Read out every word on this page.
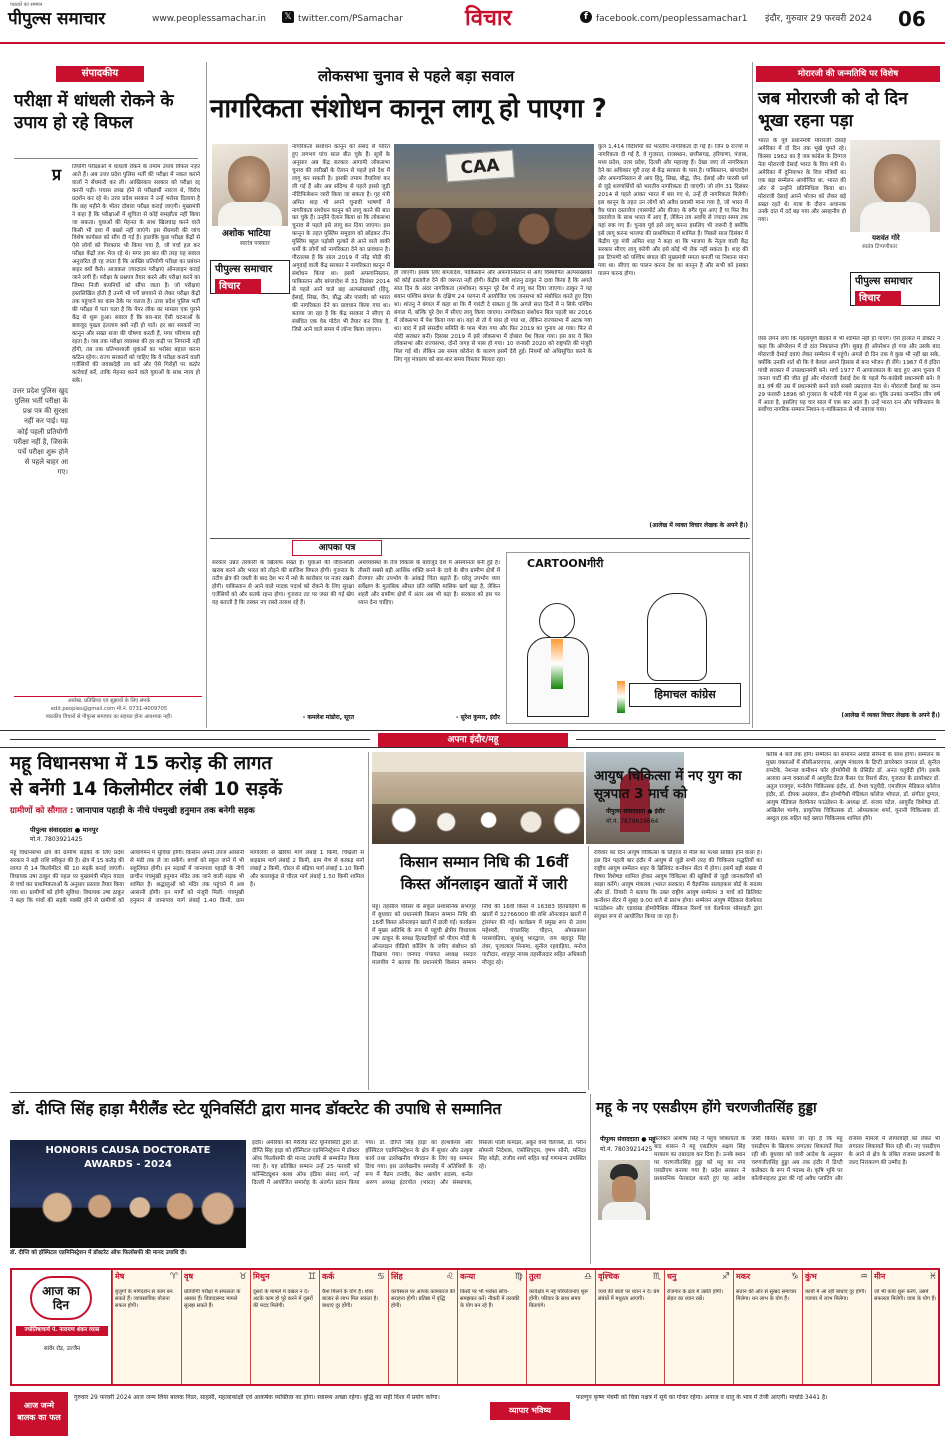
पीपुल्स समाचार
पाठकों का सम्मान
www.peoplessamachar.in 𝕏 twitter.com/PSamachar	विचार	f facebook.com/peoplessamachar1 इंदौर, गुरुवार 29 फरवरी 2024 06
संपादकीय
परीक्षा में धांधली रोकने के उपाय हो रहे विफल
प्र तियोगी परीक्षाओं में धांधली रोकने के तमाम उपाय विफल नज़र आते हैं। अब उत्तर प्रदेश पुलिस भर्ती की परीक्षा में नकल कराने वालों ने सेंधमारी कर ली। आखिरकार सरकार को परीक्षा रद्द करनी पड़ी। पचास लाख होने से परीक्षार्थी नाराज थे, विरोध प्रदर्शन कर रहे थे। उत्तर प्रदेश सरकार ने उन्हें भरोसा दिलाया है कि छह महीने के भीतर दोबारा परीक्षा कराई जाएगी। मुख्यमंत्री ने कहा है कि परीक्षाओं में शुचिता से कोई समझौता नहीं किया जा सकता। युवाओं की मेहनत के साथ खिलवाड़ करने वाले किसी भी दशा में बख्शे नहीं जाएंगे। इस सेंधमारी की जांच विशेष कार्यबल को सौंप दी गई है। हालांकि कुछ परीक्षा केंद्रों से ऐसे लोगों को गिरफ्तार भी किया गया है, जो पर्चा हल कर परीक्षा केंद्रों तक भेज रहे थे। मगर इस बार की तरह यह सवाल अनुत्तरित ही रह जाता है कि आखिर प्रतियोगी परीक्षा का प्रबंधन बाहर क्यों कैसे। आजकल ज्यादातर परीक्षाएं ऑनलाइन कराई जाने लगी हैं। परीक्षा के प्रश्नपत्र तैयार करने और परीक्षा करने का जिम्मा निजी कंपनियों को सौंपा जाता है। जो परीक्षाएं हस्तलिखित होती हैं उनमें भी पर्चे छपवाने से लेकर परीक्षा केंद्रों तक पहुंचाने का काम ठेके पर चलता है। उत्तर प्रदेश पुलिस भर्ती की परीक्षा में पता चला है कि पेपर लीक का मामला एक पुराने केंद्र से शुरू हुआ। सवाल है कि बार-बार ऐसी घटनाओं के बावजूद पुख्ता इंतजाम क्यों नहीं हो पाते। हर बार सरकारें नए कानून और सख्त सजा की घोषणा करती हैं, मगर परिणाम वही रहता है। जब तक परीक्षा व्यवस्था की हर कड़ी पर निगरानी नहीं होगी, तब तक प्रतिभाशाली युवाओं का भरोसा बहाल करना कठिन रहेगा। राज्य सरकारों को चाहिए कि वे परीक्षा कराने वाली एजेंसियों की जवाबदेही तय करें और ऐसे गिरोहों पर कठोर कार्रवाई करें, ताकि मेहनत करने वाले युवाओं के साथ न्याय हो सके।
उत्तर प्रदेश पुलिस खुद पुलिस भर्ती परीक्षा के प्रश्न पत्र की सुरक्षा नहीं कर पाई। यह कोई पहली प्रतियोगी परीक्षा नहीं है, जिसके पर्चे परीक्षा शुरू होने से पहले बाहर आ गए।
आलेख, प्रतिक्रिया एवं सुझावों के लिए संपर्क
edit.peoples@gmail.com मो.नं. 0731-4009705
पाठकीय विचारों से पीपुल्स समाचार का सहमत होना आवश्यक नहीं।
लोकसभा चुनाव से पहले बड़ा सवाल
नागरिकता संशोधन कानून लागू हो पाएगा ?
अशोक भाटिया
स्वतंत्र पत्रकार
पीपुल्स समाचार
विचार
नागरिकता संशोधन कानून को संसद से पारित हुए लगभग पांच साल बीत चुके हैं। सूत्रों के अनुसार अब केंद्र सरकार आगामी लोकसभा चुनाव की तारीखों के ऐलान से पहले इसे देश में लागू कर सकती है। इसकी तमाम तैयारियां कर ली गई हैं और अब संदिग्ध से पहले इससे जुड़ी नोटिफिकेशन जारी किया जा सकता है। गृह मंत्री अमित शाह भी अपने चुनावी भाषणों में नागरिकता संशोधन कानून को लागू करने की बात कर चुके हैं। उन्होंने ऐलान किया था कि लोकसभा चुनाव से पहले इसे लागू कर दिया जाएगा। इस कानून के तहत मुस्लिम समुदाय को छोड़कर तीन मुस्लिम बहुल पड़ोसी मुल्कों से आने वाले बाकी धर्मों के लोगों को नागरिकता देने का प्रावधान है। गौरतलब है कि साल 2019 में नरेंद्र मोदी की अगुवाई वाली केंद्र सरकार ने नागरिकता कानून में संशोधन किया था। इसमें अफगानिस्तान, पाकिस्तान और बांग्लादेश से 31 दिसंबर 2014 से पहले आने वाले छह अल्पसंख्यकों (हिंदू, ईसाई, सिख, जैन, बौद्ध और पारसी) को भारत की नागरिकता देने का प्रावधान किया गया था। बताया जा रहा है कि केंद्र सरकार ने सीएए से संबंधित एक वेब पोर्टल भी तैयार कर लिया है, जिसे आने वाले समय में लॉन्च किया जाएगा।
CAA
ही जाएंगी। इसके लिए बांग्लादेश, पाकिस्तान और अफगानिस्तान से आए विस्थापित अल्पसंख्यकों को कोई दस्तावेज देने की जरूरत नहीं होगी। केंद्रीय मंत्री शांतनु ठाकुर ने दावा किया है कि अगले सात दिन के अंदर नागरिकता (संशोधन) कानून पूरे देश में लागू कर दिया जाएगा। ठाकुर ने यह बयान पश्चिम बंगाल के दक्षिण 24 परगना में आयोजित एक जनसभा को संबोधित करते हुए दिया था। शांतनु ने बंगाल में कहा था कि मैं गारंटी दे सकता हूं कि अगले सात दिनों में न सिर्फ पश्चिम बंगाल में, बल्कि पूरे देश में सीएए लागू किया जाएगा। नागरिकता संशोधन बिल पहली बार 2016 में लोकसभा में पेश किया गया था। यहां से तो ये पास हो गया था, लेकिन राज्यसभा में अटक गया था। बाद में इसे संसदीय समिति के पास भेजा गया और फिर 2019 का चुनाव आ गया। फिर से मोदी सरकार बनी। दिसंबर 2019 में इसे लोकसभा में दोबारा पेश किया गया। इस बार ये बिल लोकसभा और राज्यसभा, दोनों जगह से पास हो गया। 10 जनवरी 2020 को राष्ट्रपति की मंजूरी मिल गई थी। लेकिन उस समय कोरोना के कारण इसमें देरी हुई। नियमों को अधिसूचित करने के लिए गृह मंत्रालय को बार-बार समय विस्तार मिलता रहा।
कुल 1,414 विदेशियों को भारतीय नागरिकता दी गई है। जिन 9 राज्यों में नागरिकता दी गई है, वे गुजरात, राजस्थान, छत्तीसगढ़, हरियाणा, पंजाब, मध्य प्रदेश, उत्तर प्रदेश, दिल्ली और महाराष्ट्र हैं। देखा जाए तो नागरिकता देने का अधिकार पूरी तरह से केंद्र सरकार के पास है। पाकिस्तान, बांग्लादेश और अफगानिस्तान से आए हिंदू, सिख, बौद्ध, जैन, ईसाई और पारसी धर्म से जुड़े शरणार्थियों को भारतीय नागरिकता दी जाएगी। जो लोग 31 दिसंबर 2014 से पहले आकर भारत में बस गए थे, उन्हें ही नागरिकता मिलेगी। इस कानून के तहत उन लोगों को अवैध प्रवासी माना गया है, जो भारत में वैध यात्रा दस्तावेज (पासपोर्ट और वीजा) के बगैर घुस आए हैं या फिर वैध दस्तावेज के साथ भारत में आए हैं, लेकिन तय अवधि से ज्यादा समय तक यहां रुक गए हैं। चुनाव पूर्व इसे लागू करना इसलिए भी जरूरी है क्योंकि इसे लागू करना भाजपा की प्राथमिकता में शामिल है। पिछले साल दिसंबर में केंद्रीय गृह मंत्री अमित शाह ने कहा था कि भाजपा के नेतृत्व वाली केंद्र सरकार सीएए लागू करेगी और इसे कोई भी रोक नहीं सकता है। शाह की इस टिप्पणी को पश्चिम बंगाल की मुख्यमंत्री ममता बनर्जी पर निशाना माना गया था। सीएए का पालन करना देश का कानून है और सभी को इसका पालन करना होगा।
(आलेख में व्यक्त विचार लेखक के अपने हैं।)
आपका पत्र
सरकार उन्नत तरकारी के खिलाफ सख्त है। युवाओं की जीवनशैली खराब करने और भारत को तोड़ने की साजिश विफल होगी। गुजरात के तटीय क्षेत्र की जब्ती के बाद देश भर में नशे के कारोबार पर नजर रखनी होगी। पाकिस्तान से आने वाले मादक पदार्थ को रोकने के लिए सुरक्षा एजेंसियों को और सतर्क रहना होगा। गुजरात तट पर जब्त की गई खेप यह बताती है कि तस्कर नए रास्ते तलाश रहे हैं।
- कमलेश मांडोरा, सूरत
अर्थव्यवस्था के तेज विकास के बावजूद देश में असमानता बनी हुई है। तीसरी सबसे बड़ी आर्थिक शक्ति बनने के दावे के बीच ग्रामीण क्षेत्रों में रोजगार और उपभोग के आंकड़े चिंता बढ़ाते हैं। घरेलू उपभोग व्यय सर्वेक्षण के मुताबिक औसत प्रति व्यक्ति मासिक खर्च बढ़ा है, लेकिन शहरी और ग्रामीण क्षेत्रों में अंतर अब भी बड़ा है। सरकार को इस पर ध्यान देना चाहिए।
- सुरेश कुमार, इंदौर
CARTOONगीरी
हिमाचल कांग्रेस
मोरारजी की जन्मतिथि पर विशेष
जब मोरारजी को दो दिन भूखा रहना पड़ा
भारत के पूर्व प्रधानमंत्री मोरारजी देसाई अमेरिका में दो दिन तक भूखे घूमते रहे। किस्सा 1962 का है जब कांग्रेस के दिग्गज नेता मोरारजी देसाई भारत के वित्त मंत्री थे। अमेरिका में दुनियाभर के वित्त मंत्रियों का एक बड़ा सम्मेलन आयोजित था, भारत की ओर से उन्होंने प्रतिनिधित्व किया था। मोरारजी देसाई अपने भोजन को लेकर बड़े सख्त रहते थे। यात्रा के दौरान अचानक उनके दांत में दर्द बढ़ गया और असहनीय हो गया।
यशवंत गोरे
स्वतंत्र टिप्पणीकार
पीपुल्स समाचार
विचार
ऐसा लगने लगा कि महत्वपूर्ण बैठकों में भी शामिल नहीं हो पाएंगे। ऐसे हालात में डॉक्टर ने कहा कि ऑपरेशन में दो दांत निकालना होंगे। सुबह ही ऑपरेशन हो गया और उसके बाद मोरारजी देसाई दवाएं लेकर सम्मेलन में पहुंचे। अगले दो दिन तक वे कुछ भी नहीं खा सके, क्योंकि उनकी शर्त थी कि वे केवल अपने हिसाब से बना भोजन ही लेंगे। 1967 में वे इंदिरा गांधी सरकार में उपप्रधानमंत्री बने। मार्च 1977 में आपातकाल के बाद हुए आम चुनाव में जनता पार्टी की जीत हुई और मोरारजी देसाई देश के पहले गैर-कांग्रेसी प्रधानमंत्री बने। वे 81 वर्ष की उम्र में प्रधानमंत्री बनने वाले सबसे उम्रदराज नेता थे। मोरारजी देसाई का जन्म 29 फरवरी 1896 को गुजरात के भदेली गांव में हुआ था। चूंकि उनका जन्मदिन लीप वर्ष में आता है, इसलिए यह चार साल में एक बार आता है। उन्हें भारत रत्न और पाकिस्तान के सर्वोच्च नागरिक सम्मान निशान-ए-पाकिस्तान से भी नवाजा गया।
(आलेख में व्यक्त विचार लेखक के अपने हैं।)
अपना इंदौर/महू
महू विधानसभा में 15 करोड़ की लागत
से बनेंगी 14 किलोमीटर लंबी 10 सड़कें
ग्रामीणों को सौगात : जानापाव पहाड़ी के नीचे पंचमुखी हनुमान तक बनेगी सड़क
पीपुल्स संवाददाता ● मानपुर
मो.नं. 7803921425
महू विधानसभा क्षेत्र की ग्रामीण सड़कों के लिए प्रदेश सरकार ने बड़ी राशि स्वीकृत की है। क्षेत्र में 15 करोड़ की लागत से 14 किलोमीटर की 10 सड़कें बनाई जाएंगी। विधायक उषा ठाकुर की पहल पर मुख्यमंत्री मोहन यादव से चर्चा कर प्राथमिकताओं के अनुसार प्रस्ताव तैयार किया गया था। ग्रामीणों को होगी सुविधा: विधायक उषा ठाकुर ने कहा कि गांवों की सड़कें पक्की होने से ग्रामीणों को आवागमन में सुविधा होगी। किसान अपनी उपज आसानी से मंडी तक ले जा सकेंगे। बच्चों को स्कूल जाने में भी सहूलियत होगी। इन सड़कों में जानापाव पहाड़ी के नीचे प्राचीन पंचमुखी हनुमान मंदिर तक जाने वाली सड़क भी शामिल है। श्रद्धालुओं को मंदिर तक पहुंचने में अब आसानी होगी। इन मार्गों को मंजूरी मिली: पंचमुखी हनुमान से जानापाव मार्ग लंबाई 1.40 किमी, ग्राम मांगलिया से खेरिया मार्ग लंबाई 1 किमी, चिखली से बाइग्राम मार्ग लंबाई 2 किमी, ग्राम मेण से काकड़ मार्ग लंबाई 2 किमी, चोरल से बड़िया मार्ग लंबाई 1.10 किमी और कालाकुंड से चौरल मार्ग लंबाई 1.50 किमी शामिल है।
किसान सम्मान निधि की 16वीं
किस्त ऑनलाइन खातों में जारी
महू। तहसील परिसर के संकुल प्रशासनिक सभागृह में बुधवार को प्रधानमंत्री किसान सम्मान निधि की 16वीं किस्त ऑनलाइन खातों में डाली गई। कार्यक्रम में मुख्य अतिथि के रूप में पहुंची क्षेत्रीय विधायक उषा ठाकुर के समक्ष हितग्राहियों को पीएम मोदी के ऑनलाइन वीडियो कॉलिंग के जरिए संबोधन को दिखाया गया। जनपद पंचायत अध्यक्ष सरदार मालवीय ने बताया कि प्रधानमंत्री किसान सम्मान निधि की 16वीं किस्त में 16383 हितग्राहियों के खातों में 32766000 की राशि ऑनलाइन खातों में ट्रांसफर की गई। कार्यक्रम में प्रमुख रूप से उत्तम महेश्वरी, चंचलसिंह चौहान, ओमप्रकाश परसावदिया, सुधांशु भारद्वाज, राम बहादुर सिंह तंवर, पूजालाल निनामा, सुनील रहवाड़िया, मनोज पाटीदार, शाहपुर नायब तहसीलदार सहित अधिकारी मौजूद रहे।
आयुष चिकित्सा में नए युग का सूत्रपात 3 मार्च को
पीपुल्स संवाददाता ● इंदौर
मो.नं. 7879619664
रविवार का दिन आयुष चिकित्सा के लिहाज से मील का पत्थर साबित होने वाला है। इस दिन पहली बार इंदौर में आयुष से जुड़ी सभी तरह की चिकित्सा पद्धतियों का राष्ट्रीय आयुष सम्मेलन शहर के ब्रिलियंट कन्वेंशन सेंटर में होगा। इसमें बड़ी संख्या में विषय विशेषज्ञ शामिल होकर आयुष चिकित्सा की खूबियों से जुड़ी जानकारियों को साझा करेंगे। आयुष मंत्रालय (भारत सरकार) में वैज्ञानिक सलाहकार बोर्ड के सदस्य और डॉ. तिवारी ने बताया कि उक्त राष्ट्रीय आयुष सम्मेलन 3 मार्च को ब्रिलियंट कन्वेंशन सेंटर में सुबह 9.00 बजे से प्रारंभ होगा। सम्मेलन आयुष मेडिकल वेलफेयर फाउंडेशन और एडवांस्ड होम्योपैथिक मेडिकल रिसर्च एवं वेलफेयर सोसाइटी द्वारा संयुक्त रूप से आयोजित किया जा रहा है।
करीब 4 बजे तक होंगे। सम्मेलन का समापन अवॉर्ड सेरेमनी के साथ होगा। सम्मेलन के मुख्य वक्ताओं में सीसीआरएएस, आयुष मंत्रालय के डिप्टी डायरेक्टर जनरल डॉ. सुनील रामटेके, नेशनल कमीशन फॉर होम्योपैथी के प्रेसिडेंट डॉ. अनंत चतुर्वेदी होंगे। इसके अलावा अन्य वक्ताओं में आयुर्वेद डेंटल कैंसर एंड रिसर्च सेंटर, गुजरात के डायरेक्टर डॉ. अतुल राजगुरु, मनोरोग चिकित्सक इंदौर, डॉ. वैभव चतुर्वेदी, एमजीएम मेडिकल कॉलेज इंदौर, डॉ. दीपक अग्रवाल, डीन होम्योपैथी मेडिकल कॉलेज भोपाल, डॉ. संगीता दुग्गल, आयुष मेडिकल वेलफेयर फाउंडेशन के अध्यक्ष डॉ. संजय पटेल, आयुर्वेद विशेषज्ञ डॉ. अखिलेश भार्गव, प्राकृतिक चिकित्सक डॉ. ओमप्रकाश शर्मा, यूनानी चिकित्सक डॉ. अब्दुल हक सहित कई ख्यात चिकित्सक शामिल होंगे।
डॉ. दीप्ति सिंह हाड़ा मैरीलैंड स्टेट यूनिवर्सिटी द्वारा मानद डॉक्टरेट की उपाधि से सम्मानित
HONORIS CAUSA DOCTORATE
AWARDS - 2024
डॉ. दीप्ति को हॉस्पिटल एडमिनिस्ट्रेशन में डॉक्टरेट ऑफ फिलॉसफी की मानद उपाधि दी।
इंदौर। अमेरिका की मैरीलैंड स्टेट यूनिवर्सिटी द्वारा डॉ. दीप्ति सिंह हाड़ा को हॉस्पिटल एडमिनिस्ट्रेशन में डॉक्टर ऑफ फिलॉसफी की मानद उपाधि से सम्मानित किया गया है। यह प्रतिष्ठित सम्मान उन्हें 25 फरवरी को कॉन्स्टिट्यूशन क्लब ऑफ इंडिया संसद मार्ग, नई दिल्ली में आयोजित समारोह के अंतर्गत प्रदान किया गया। डॉ. दीप्ति सिंह हाड़ा को हेल्थकेयर और हॉस्पिटल एडमिनिस्ट्रेशन के क्षेत्र में सुधार और उत्कृष्ट कार्य तथा उल्लेखनीय योगदान के लिए यह सम्मान दिया गया। इस उल्लेखनीय समारोह में अतिथियों के रूप में मैडम तनवीर, बेस्ट आयोग सदस्य, कर्नल अरुण अध्यक्ष इंटरपोल (भारत) और संस्थापक, रिसाला पोली कमांडर, अंकुर वर्मा चैलेंजर्स, डॉ. परीन सोमानी निदेशक, एसोसिएट्स, वृषभ सोनी, मनिंदर सिंह सोढ़ी, राजीव शर्मा सहित कई गणमान्य उपस्थित रहे।
महू के नए एसडीएम होंगे चरणजीतसिंह हुड्डा
पीपुल्स संवाददाता ● महू
मो.नं. 7803921425
कलेक्टर आशीष सिंह ने पहुंच शिकायतों के बाद शासन ने महू एसडीएम अक्षय सिंह मरकाम का तबादला कर दिया है। उनके स्थान पर चरणजीतसिंह हुड्डा को महू का नया एसडीएम बनाया गया है। प्रदेश सरकार ने प्रशासनिक फेरबदल करते हुए यह आदेश जारी किया। बताया जा रहा है कि महू एसडीएम के खिलाफ लगातार शिकायतें मिल रही थीं। बुधवार को जारी आदेश के अनुसार चरणजीतसिंह हुड्डा अब तक इंदौर में डिप्टी कलेक्टर के रूप में पदस्थ थे। कृषि भूमि पर कॉलोनाइजर द्वारा की गई अवैध प्लाटिंग और राजस्व मामलों में लापरवाही को लेकर भी लगातार शिकायतें मिल रही थीं। नए एसडीएम के आने से क्षेत्र के लंबित राजस्व प्रकरणों के जल्द निराकरण की उम्मीद है।
आज का
दिन
ज्योतिषाचार्य पं. नारायण शंकर व्यास
सांवेर रोड, उज्जैन
मेष	♈
बुजुर्गों के मार्गदर्शन से काम बन सकते हैं। व्यावसायिक योजना सफल होगी।
वृष	♉
प्रतियोगी परीक्षा में सफलता के आसार हैं। विवादास्पद मामले सुलझ सकते हैं।
मिथुन	♊
दूसरों के मामले में दखल न दें। अटके काम हो पूरे करने में दूसरों की मदद मिलेगी।
कर्क	♋
कैश मिलने के योग हैं। शेयर बाजार से लाभ मिल सकता है। बाधाएं दूर होंगी।
सिंह	♌
कार्यस्थल पर आपके कामकाज की सराहना होगी। प्रतिष्ठा में वृद्धि होगी।
कन्या	♍
किसी पर भी भरोसा सोच-समझकर करें। नौकरी में तरक्की के योग बन रहे हैं।
तुला	♎
कार्यक्षेत्र में नई परियोजनाएं शुरू होंगी। परिवार के साथ समय बिताएंगे।
वृश्चिक	♏
व्यर्थ की बातों पर ध्यान न दें। प्रेम संबंधों में मधुरता आएगी।
धनु	♐
रोजगार के क्षेत्र में उन्नति होगी। सेहत का ध्यान रखें।
मकर	♑
संतान की ओर से सुखद समाचार मिलेगा। धन लाभ के योग हैं।
कुंभ	♒
कार्यों में आ रही बाधाएं दूर होंगी। व्यापार में लाभ मिलेगा।
मीन	♓
जो भी कार्य शुरू करेंगे, उसमें सफलता मिलेगी। यात्रा के योग हैं।
आज जन्मे
बालक का फल
गुरुवार 29 फरवरी 2024 आज जन्म लिया बालक निडर, साहसी, महत्वाकांक्षी एवं आकर्षक व्यक्तित्व का होगा। स्वास्थ्य अच्छा रहेगा। बुद्धि का सही दिशा में प्रयोग करेगा।
व्यापार भविष्य
फाल्गुन कृष्ण पंचमी को चित्रा नक्षत्र में सूर्य का गोचर रहेगा। अनाज व धातु के भाव में तेजी आएगी। मार्चाडे 3441 है।
